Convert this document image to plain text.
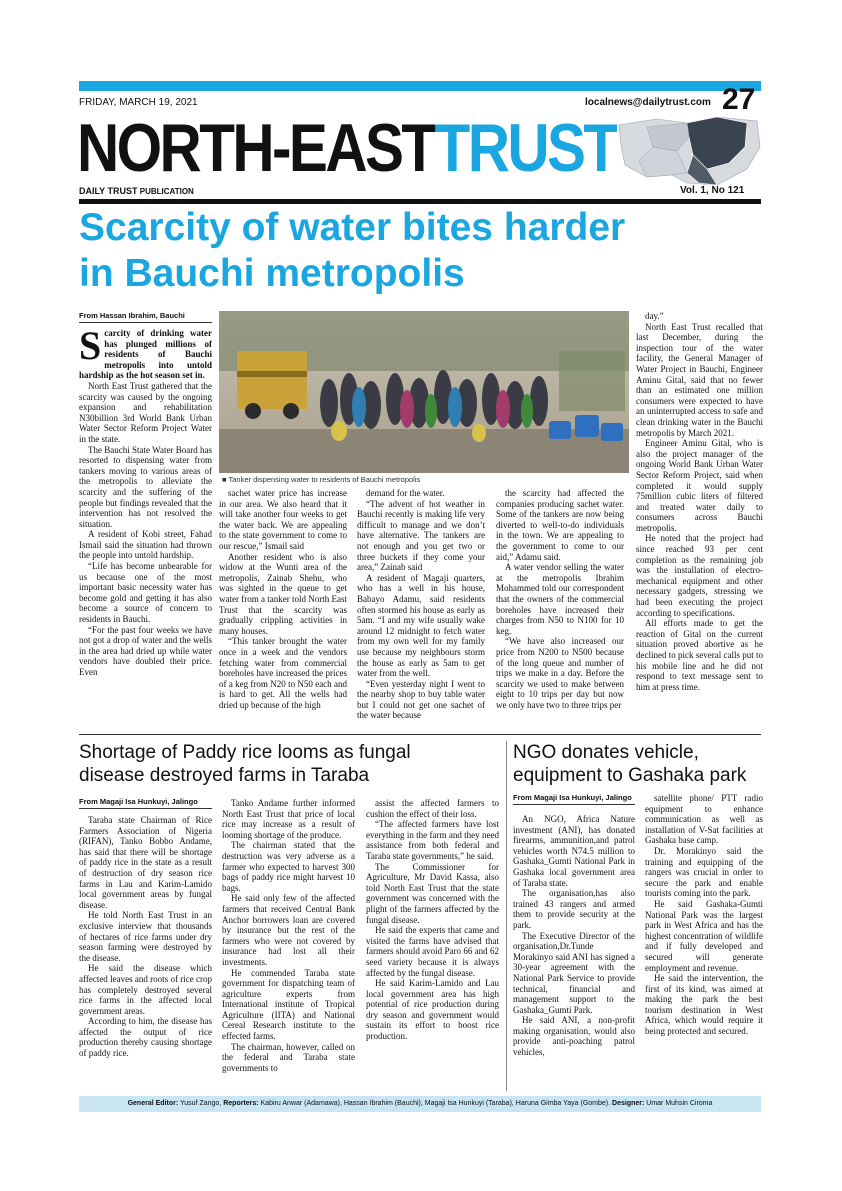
FRIDAY, MARCH 19, 2021	localnews@dailytrust.com 27
NORTH-EASTTRUST
DAILY TRUST PUBLICATION	Vol. 1, No 121
Scarcity of water bites harder
in Bauchi metropolis
From Hassan Ibrahim, Bauchi

Scarcity of drinking water has plunged millions of residents of Bauchi metropolis into untold hardship as the hot season set in.

North East Trust gathered that the scarcity was caused by the ongoing expansion and rehabilitation N30billion 3rd World Bank Urban Water Sector Reform Project Water in the state.

The Bauchi State Water Board has resorted to dispensing water from tankers moving to various areas of the metropolis to alleviate the scarcity and the suffering of the people but findings revealed that the intervention has not resolved the situation.

A resident of Kobi street, Fahad Ismail said the situation had thrown the people into untold hardship.

“Life has become unbearable for us because one of the most important basic necessity water has become gold and getting it has also become a source of concern to residents in Bauchi.

“For the past four weeks we have not got a drop of water and the wells in the area had dried up while water vendors have doubled their price. Even

■ Tanker dispensing water to residents of Bauchi metropolis

sachet water price has increase in our area. We also heard that it will take another four weeks to get the water back. We are appealing to the state government to come to our rescue,” Ismail said

Another resident who is also widow at the Wunti area of the metropolis, Zainab Shehu, who was sighted in the queue to get water from a tanker told North East Trust that the scarcity was gradually crippling activities in many houses.

“This tanker brought the water once in a week and the vendors fetching water from commercial boreholes have increased the prices of a keg from N20 to N50 each and is hard to get. All the wells had dried up because of the high

demand for the water.

“The advent of hot weather in Bauchi recently is making life very difficult to manage and we don’t have alternative. The tankers are not enough and you get two or three buckets if they come your area,” Zainab said

A resident of Magaji quarters, who has a well in his house, Babayo Adamu, said residents often stormed his house as early as 5am. “I and my wife usually wake around 12 midnight to fetch water from my own well for my family use because my neighbours storm the house as early as 5am to get water from the well.

“Even yesterday night I went to the nearby shop to buy table water but I could not get one sachet of the water because

the scarcity had affected the companies producing sachet water. Some of the tankers are now being diverted to well-to-do individuals in the town. We are appealing to the government to come to our aid,” Adamu said.

A water vendor selling the water at the metropolis Ibrahim Mohammed told our correspondent that the owners of the commercial boreholes have increased their charges from N50 to N100 for 10 keg.

“We have also increased our price from N200 to N500 because of the long queue and number of trips we make in a day. Before the scarcity we used to make between eight to 10 trips per day but now we only have two to three trips per

day.”

North East Trust recalled that last December, during the inspection tour of the water facility, the General Manager of Water Project in Bauchi, Engineer Aminu Gital, said that no fewer than an estimated one million consumers were expected to have an uninterrupted access to safe and clean drinking water in the Bauchi metropolis by March 2021.

Engineer Aminu Gital, who is also the project manager of the ongoing World Bank Urban Water Sector Reform Project, said when completed it would supply 75million cubic liters of filtered and treated water daily to consumers across Bauchi metropolis.

He noted that the project had since reached 93 per cent completion as the remaining job was the installation of electro-mechanical equipment and other necessary gadgets, stressing we had been executing the project according to specifications.

All efforts made to get the reaction of Gital on the current situation proved abortive as he declined to pick several calls put to his mobile line and he did not respond to text message sent to him at press time.

Shortage of Paddy rice looms as fungal
disease destroyed farms in Taraba
From Magaji Isa Hunkuyi, Jalingo

Taraba state Chairman of Rice Farmers Association of Nigeria (RIFAN), Tanko Bobbo Andame, has said that there will be shortage of paddy rice in the state as a result of destruction of dry season rice farms in Lau and Karim-Lamido local government areas by fungal disease.

He told North East Trust in an exclusive interview that thousands of hectares of rice farms under dry season farming were destroyed by the disease.

He said the disease which affected leaves and roots of rice crop has completely destroyed several rice farms in the affected local government areas.

According to him, the disease has affected the output of rice production thereby causing shortage of paddy rice.

Tanko Andame further informed North East Trust that price of local rice may increase as a result of looming shortage of the produce.

The chairman stated that the destruction was very adverse as a farmer who expected to harvest 300 bags of paddy rice might harvest 10 bags.

He said only few of the affected farmers that received Central Bank Anchor borrowers loan are covered by insurance but the rest of the farmers who were not covered by insurance had lost all their investments.

He commended Taraba state government for dispatching team of agriculture experts from International institute of Tropical Agriculture (IITA) and National Cereal Research institute to the effected farms.

The chairman, however, called on the federal and Taraba state governments to

assist the affected farmers to cushion the effect of their loss.

“The affected farmers have lost everything in the farm and they need assistance from both federal and Taraba state governments,” he said.

The Commissioner for Agriculture, Mr David Kassa, also told North East Trust that the state government was concerned with the plight of the farmers affected by the fungal disease.

He said the experts that came and visited the farms have advised that farmers should avoid Paro 66 and 62 seed variety because it is always affected by the fungal disease.

He said Karim-Lamido and Lau local government area has high potential of rice production during dry season and government would sustain its effort to boost rice production.

NGO donates vehicle,
equipment to Gashaka park
From Magaji Isa Hunkuyi, Jalingo

An NGO, Africa Nature investment (ANI), has donated firearms, ammunition,and patrol vehicles worth N74.5 million to Gashaka_Gumti National Park in Gashaka local government area of Taraba state.

The organisation,has also trained 43 rangers and armed them to provide security at the park.

The Executive Director of the organisation,Dr.Tunde Morakinyo said ANI has signed a 30-year agreement with the National Park Service to provide technical, financial and management support to the Gashaka_Gumti Park.

He said ANI, a non-profit making organisation, would also provide anti-poaching patrol vehicles,

satellite phone/ PTT radio equipment to enhance communication as well as installation of V-Sat facilities at Gashaka base camp.

Dr. Morakinyo said the training and equipping of the rangers was crucial in order to secure the park and enable tourists coming into the park.

He said Gashaka-Gumti National Park was the largest park in West Africa and has the highest concentration of wildlife and if fully developed and secured will generate employment and revenue.

He said the intervention, the first of its kind, was aimed at making the park the best tourism destination in West Africa, which would require it being protected and secured.

General Editor: Yusuf Zango, Reporters: Kabiru Anwar (Adamawa), Hassan Ibrahim (Bauchi), Magaji Isa Hunkuyi (Taraba), Haruna Gimba Yaya (Gombe). Designer: Umar Muhsin Ciroma
